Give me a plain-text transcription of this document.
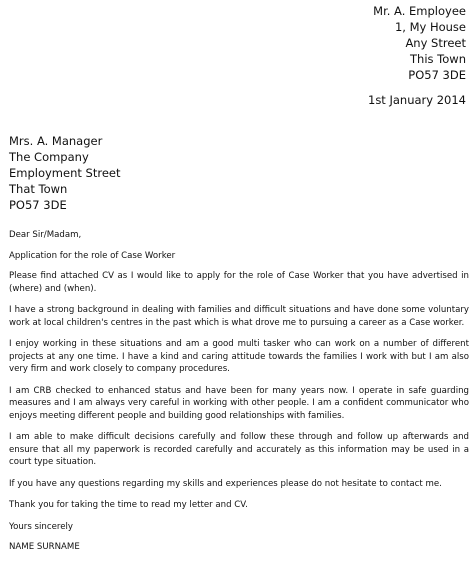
Mr. A. Employee
1, My House
Any Street
This Town
PO57 3DE
1st January 2014
Mrs. A. Manager
The Company
Employment Street
That Town
PO57 3DE

Dear Sir/Madam,

Application for the role of Case Worker

Please find attached CV as I would like to apply for the role of Case Worker that you have advertised in (where) and (when).

I have a strong background in dealing with families and difficult situations and have done some voluntary work at local children's centres in the past which is what drove me to pursuing a career as a Case worker.

I enjoy working in these situations and am a good multi tasker who can work on a number of different projects at any one time. I have a kind and caring attitude towards the families I work with but I am also very firm and work closely to company procedures.

I am CRB checked to enhanced status and have been for many years now. I operate in safe guarding measures and I am always very careful in working with other people. I am a confident communicator who enjoys meeting different people and building good relationships with families.

I am able to make difficult decisions carefully and follow these through and follow up afterwards and ensure that all my paperwork is recorded carefully and accurately as this information may be used in a court type situation.

If you have any questions regarding my skills and experiences please do not hesitate to contact me.

Thank you for taking the time to read my letter and CV.

Yours sincerely

NAME SURNAME
